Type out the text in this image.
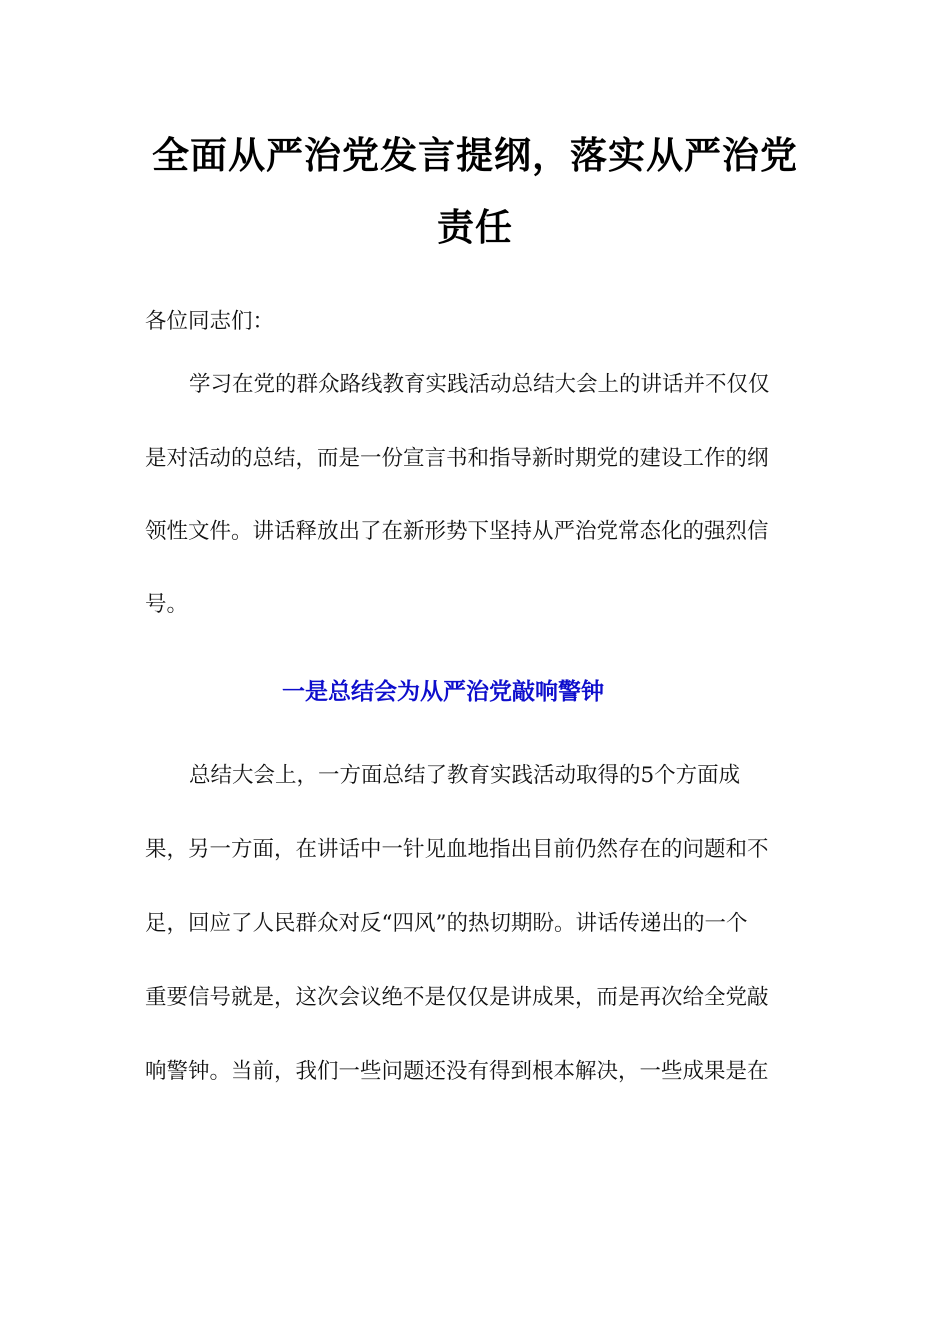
全面从严治党发言提纲，落实从严治党
责任
各位同志们：
学习在党的群众路线教育实践活动总结大会上的讲话并不仅仅
是对活动的总结，而是一份宣言书和指导新时期党的建设工作的纲
领性文件。讲话释放出了在新形势下坚持从严治党常态化的强烈信
号。
一是总结会为从严治党敲响警钟
总结大会上，一方面总结了教育实践活动取得的5个方面成
果，另一方面，在讲话中一针见血地指出目前仍然存在的问题和不
足，回应了人民群众对反“四风”的热切期盼。讲话传递出的一个
重要信号就是，这次会议绝不是仅仅是讲成果，而是再次给全党敲
响警钟。当前，我们一些问题还没有得到根本解决，一些成果是在
